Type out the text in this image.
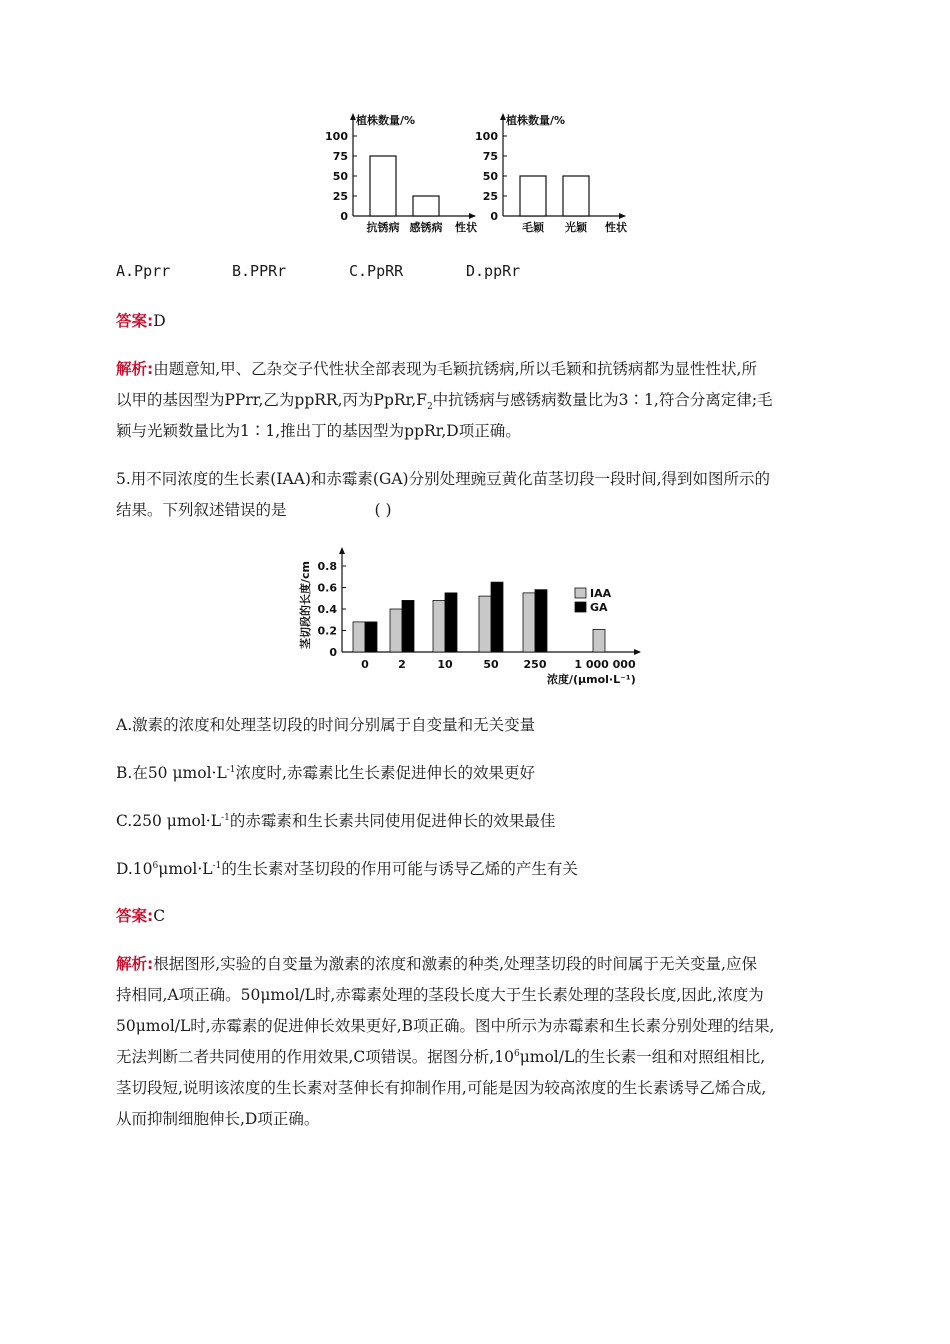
植株数量/%
性状
0
25
50
75
100
抗锈病 感锈病
植株数量/%
性状
0
25
50
75
100
毛颖 光颖
A.Pprr	B.PPRr	C.PpRR	D.ppRr
答案:D
解析:由题意知,甲、乙杂交子代性状全部表现为毛颖抗锈病,所以毛颖和抗锈病都为显性性状,所
以甲的基因型为PPrr,乙为ppRR,丙为$PpRr,F_2$中抗锈病与感锈病数量比为3∶1,符合分离定律;毛
颖与光颖数量比为1∶1,推出丁的基因型为ppRr,D项正确。
5.用不同浓度的生长素(IAA)和赤霉素(GA)分别处理豌豆黄化苗茎切段一段时间,得到如图所示的
结果。下列叙述错误的是	( )
茎切段的长度/cm
浓度/(μmol·L⁻¹)
0
0.2
0.4
0.6
0.8
0	2	10	50 250	1 000 000
IAA
GA
A.激素的浓度和处理茎切段的时间分别属于自变量和无关变量
B.在50 $\mu mol\cdot L^{-1}$浓度时,赤霉素比生长素促进伸长的效果更好
C.250 $\mu mol\cdot L^{-1}$的赤霉素和生长素共同使用促进伸长的效果最佳
$D.10^6\mu mol\cdot L^{-1}$的生长素对茎切段的作用可能与诱导乙烯的产生有关
答案:C
解析:根据图形,实验的自变量为激素的浓度和激素的种类,处理茎切段的时间属于无关变量,应保
持相同,A项正确。50μmol/L时,赤霉素处理的茎段长度大于生长素处理的茎段长度,因此,浓度为
50μmol/L时,赤霉素的促进伸长效果更好,B项正确。图中所示为赤霉素和生长素分别处理的结果,
无法判断二者共同使用的作用效果,C项错误。据图分析$,10^6\mu mol/L$的生长素一组和对照组相比,
茎切段短,说明该浓度的生长素对茎伸长有抑制作用,可能是因为较高浓度的生长素诱导乙烯合成,
从而抑制细胞伸长,D项正确。
